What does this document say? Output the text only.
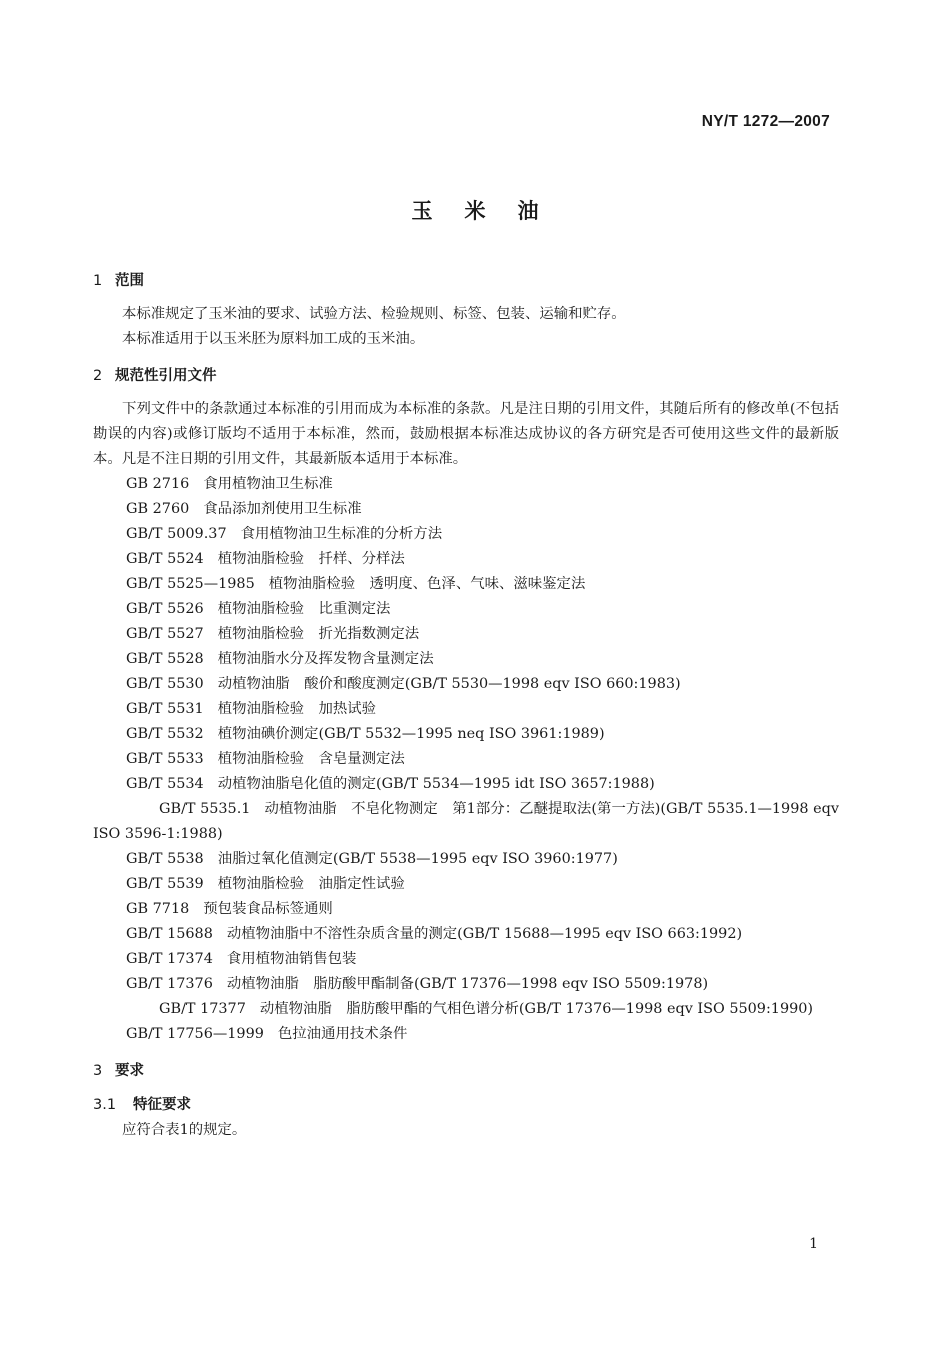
NY/T 1272—2007
玉米油
1 范围

本标准规定了玉米油的要求、试验方法、检验规则、标签、包装、运输和贮存。

本标准适用于以玉米胚为原料加工成的玉米油。

2 规范性引用文件

下列文件中的条款通过本标准的引用而成为本标准的条款。凡是注日期的引用文件，其随后所有的修改单(不包括勘误的内容)或修订版均不适用于本标准，然而，鼓励根据本标准达成协议的各方研究是否可使用这些文件的最新版本。凡是不注日期的引用文件，其最新版本适用于本标准。

GB 2716 食用植物油卫生标准

GB 2760 食品添加剂使用卫生标准

GB/T 5009.37 食用植物油卫生标准的分析方法

GB/T 5524 植物油脂检验　扦样、分样法

GB/T 5525—1985 植物油脂检验　透明度、色泽、气味、滋味鉴定法

GB/T 5526 植物油脂检验　比重测定法

GB/T 5527 植物油脂检验　折光指数测定法

GB/T 5528 植物油脂水分及挥发物含量测定法

GB/T 5530 动植物油脂　酸价和酸度测定(GB/T 5530—1998 eqv ISO 660:1983)

GB/T 5531 植物油脂检验　加热试验

GB/T 5532 植物油碘价测定(GB/T 5532—1995 neq ISO 3961:1989)

GB/T 5533 植物油脂检验　含皂量测定法

GB/T 5534 动植物油脂皂化值的测定(GB/T 5534—1995 idt ISO 3657:1988)

GB/T 5535.1 动植物油脂　不皂化物测定　第1部分：乙醚提取法(第一方法)(GB/T 5535.1—1998 eqv ISO 3596-1:1988)

GB/T 5538 油脂过氧化值测定(GB/T 5538—1995 eqv ISO 3960:1977)

GB/T 5539 植物油脂检验　油脂定性试验

GB 7718 预包装食品标签通则

GB/T 15688 动植物油脂中不溶性杂质含量的测定(GB/T 15688—1995 eqv ISO 663:1992)

GB/T 17374 食用植物油销售包装

GB/T 17376 动植物油脂　脂肪酸甲酯制备(GB/T 17376—1998 eqv ISO 5509:1978)

GB/T 17377 动植物油脂　脂肪酸甲酯的气相色谱分析(GB/T 17376—1998 eqv ISO 5509:1990)

GB/T 17756—1999 色拉油通用技术条件

3 要求
3.1 特征要求

应符合表1的规定。

1
